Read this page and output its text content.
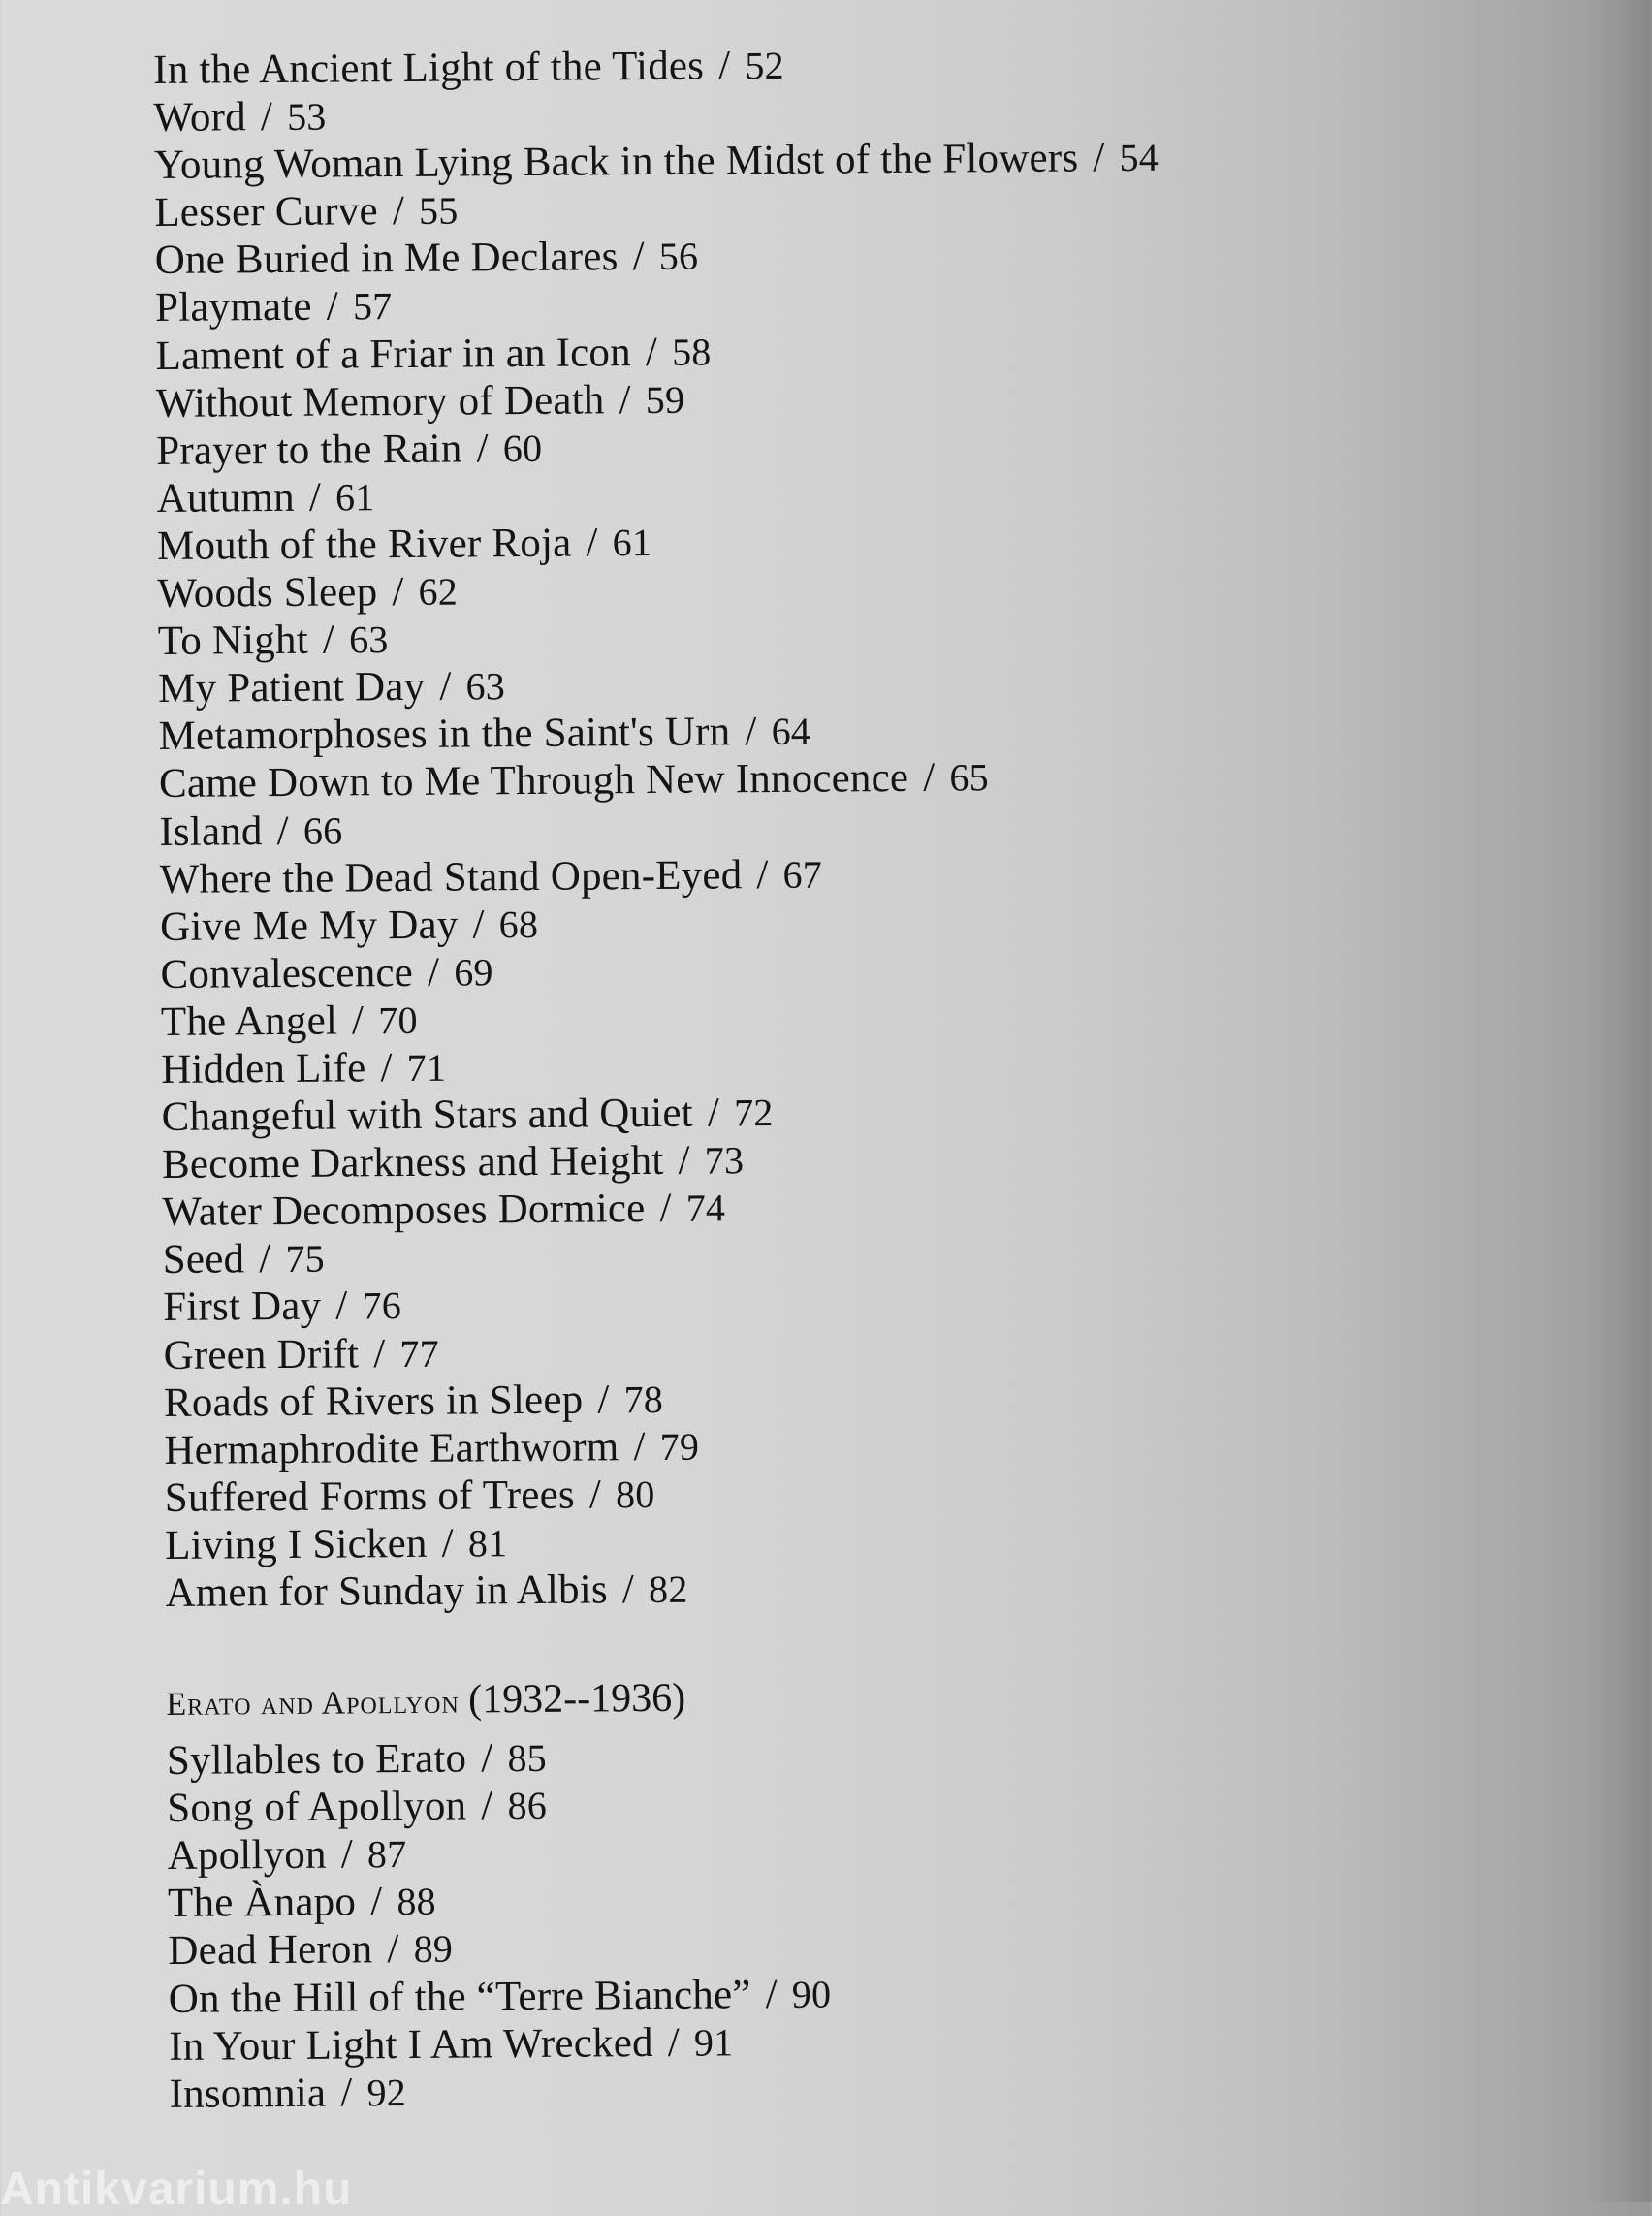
In the Ancient Light of the Tides / 52
Word / 53
Young Woman Lying Back in the Midst of the Flowers / 54
Lesser Curve / 55
One Buried in Me Declares / 56
Playmate / 57
Lament of a Friar in an Icon / 58
Without Memory of Death / 59
Prayer to the Rain / 60
Autumn / 61
Mouth of the River Roja / 61
Woods Sleep / 62
To Night / 63
My Patient Day / 63
Metamorphoses in the Saint's Urn / 64
Came Down to Me Through New Innocence / 65
Island / 66
Where the Dead Stand Open-Eyed / 67
Give Me My Day / 68
Convalescence / 69
The Angel / 70
Hidden Life / 71
Changeful with Stars and Quiet / 72
Become Darkness and Height / 73
Water Decomposes Dormice / 74
Seed / 75
First Day / 76
Green Drift / 77
Roads of Rivers in Sleep / 78
Hermaphrodite Earthworm / 79
Suffered Forms of Trees / 80
Living I Sicken / 81
Amen for Sunday in Albis / 82
Erato and Apollyon (1932--1936)
Syllables to Erato / 85
Song of Apollyon / 86
Apollyon / 87
The Ànapo / 88
Dead Heron / 89
On the Hill of the “Terre Bianche” / 90
In Your Light I Am Wrecked / 91
Insomnia / 92
Antikvarium.hu
